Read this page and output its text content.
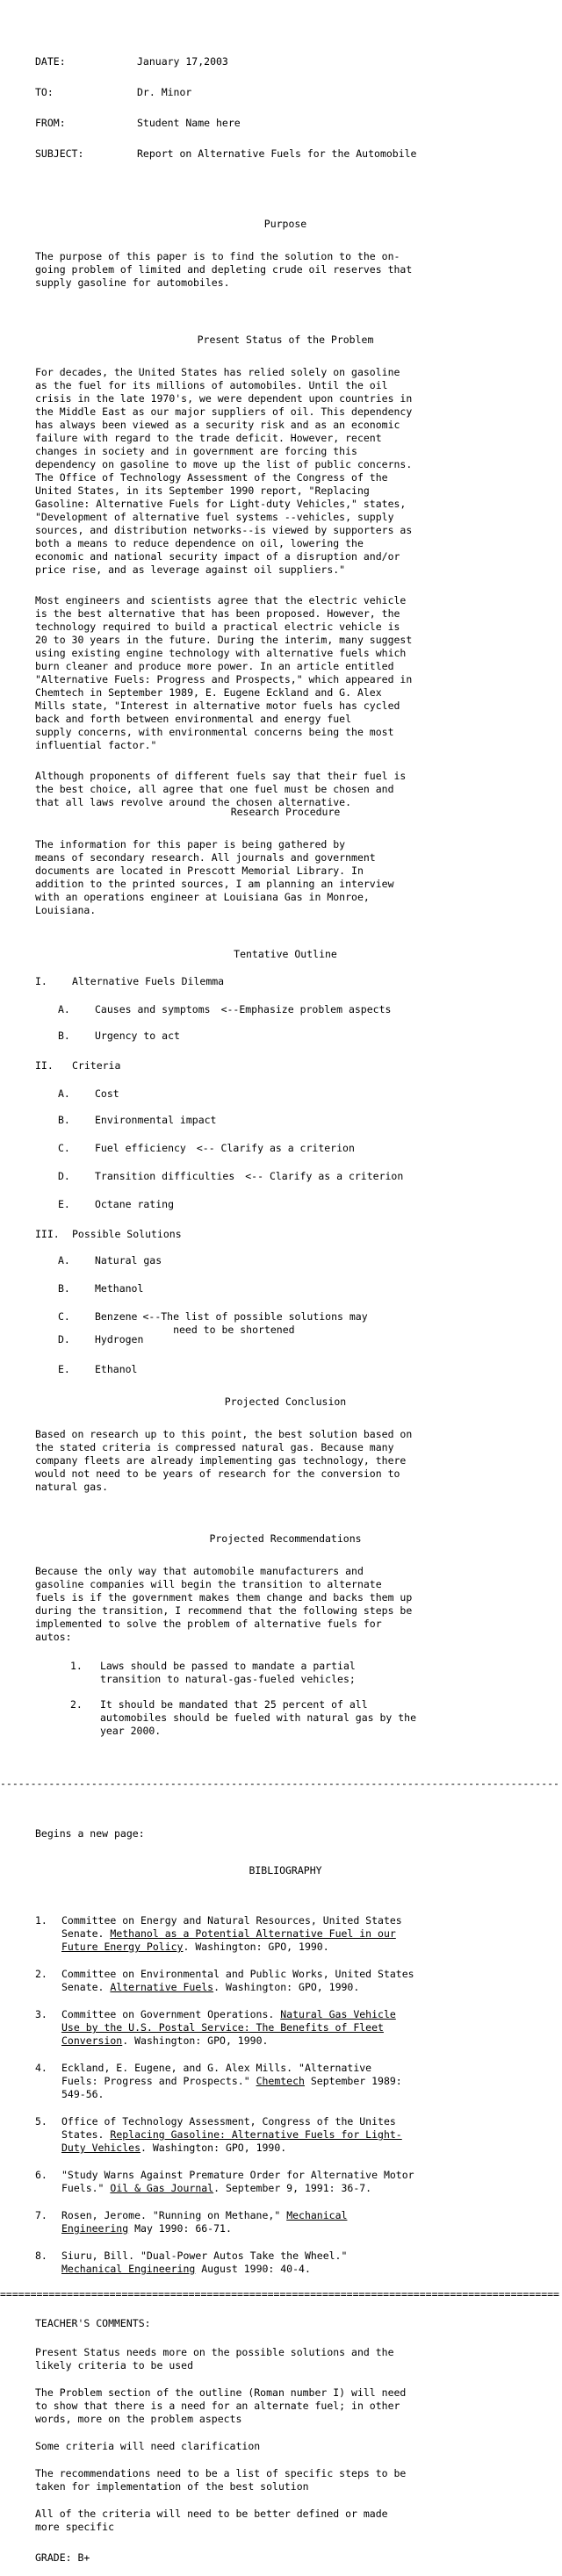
DATE:	January 17,2003
TO:	Dr. Minor
FROM:	Student Name here
SUBJECT:	Report on Alternative Fuels for the Automobile

Purpose

The purpose of this paper is to find the solution to the on-
going problem of limited and depleting crude oil reserves that
supply gasoline for automobiles.

Present Status of the Problem

For decades, the United States has relied solely on gasoline
as the fuel for its millions of automobiles. Until the oil
crisis in the late 1970's, we were dependent upon countries in
the Middle East as our major suppliers of oil. This dependency
has always been viewed as a security risk and as an economic
failure with regard to the trade deficit. However, recent
changes in society and in government are forcing this
dependency on gasoline to move up the list of public concerns.
The Office of Technology Assessment of the Congress of the
United States, in its September 1990 report, "Replacing
Gasoline: Alternative Fuels for Light-duty Vehicles," states,
"Development of alternative fuel systems --vehicles, supply
sources, and distribution networks--is viewed by supporters as
both a means to reduce dependence on oil, lowering the
economic and national security impact of a disruption and/or
price rise, and as leverage against oil suppliers."

Most engineers and scientists agree that the electric vehicle
is the best alternative that has been proposed. However, the
technology required to build a practical electric vehicle is
20 to 30 years in the future. During the interim, many suggest
using existing engine technology with alternative fuels which
burn cleaner and produce more power. In an article entitled
"Alternative Fuels: Progress and Prospects," which appeared in
Chemtech in September 1989, E. Eugene Eckland and G. Alex
Mills state, "Interest in alternative motor fuels has cycled
back and forth between environmental and energy fuel
supply concerns, with environmental concerns being the most
influential factor."

Although proponents of different fuels say that their fuel is
the best choice, all agree that one fuel must be chosen and
that all laws revolve around the chosen alternative.

Research Procedure

The information for this paper is being gathered by
means of secondary research. All journals and government
documents are located in Prescott Memorial Library. In
addition to the printed sources, I am planning an interview
with an operations engineer at Louisiana Gas in Monroe,
Louisiana.

Tentative Outline

I.	Alternative Fuels Dilemma
A.	Causes and symptoms <--Emphasize problem aspects
B.	Urgency to act
II.	Criteria
A.	Cost
B.	Environmental impact
C.	Fuel efficiency <-- Clarify as a criterion
D.	Transition difficulties <-- Clarify as a criterion
E.	Octane rating
III.	Possible Solutions
A.	Natural gas
B.	Methanol
C.	Benzene <--The list of possible solutions may
need to be shortened
D.	Hydrogen
E.	Ethanol

Projected Conclusion

Based on research up to this point, the best solution based on
the stated criteria is compressed natural gas. Because many
company fleets are already implementing gas technology, there
would not need to be years of research for the conversion to
natural gas.

Projected Recommendations

Because the only way that automobile manufacturers and
gasoline companies will begin the transition to alternate
fuels is if the government makes them change and backs them up
during the transition, I recommend that the following steps be
implemented to solve the problem of alternative fuels for
autos:

1.	Laws should be passed to mandate a partial
transition to natural-gas-fueled vehicles;
2.	It should be mandated that 25 percent of all
automobiles should be fueled with natural gas by the
year 2000.
--------------------------------------------------------------------------------------------
Begins a new page:

BIBLIOGRAPHY

1.	Committee on Energy and Natural Resources, United States
Senate. Methanol as a Potential Alternative Fuel in our
Future Energy Policy. Washington: GPO, 1990.
2.	Committee on Environmental and Public Works, United States
Senate. Alternative Fuels. Washington: GPO, 1990.
3.	Committee on Government Operations. Natural Gas Vehicle
Use by the U.S. Postal Service: The Benefits of Fleet
Conversion. Washington: GPO, 1990.
4.	Eckland, E. Eugene, and G. Alex Mills. "Alternative
Fuels: Progress and Prospects." Chemtech September 1989:
549-56.
5.	Office of Technology Assessment, Congress of the Unites
States. Replacing Gasoline: Alternative Fuels for Light-
Duty Vehicles. Washington: GPO, 1990.
6.	"Study Warns Against Premature Order for Alternative Motor
Fuels." Oil & Gas Journal. September 9, 1991: 36-7.
7.	Rosen, Jerome. "Running on Methane," Mechanical
Engineering May 1990: 66-71.
8.	Siuru, Bill. "Dual-Power Autos Take the Wheel."
Mechanical Engineering August 1990: 40-4.
============================================================================================

TEACHER'S COMMENTS:

Present Status needs more on the possible solutions and the
likely criteria to be used

The Problem section of the outline (Roman number I) will need
to show that there is a need for an alternate fuel; in other
words, more on the problem aspects

Some criteria will need clarification

The recommendations need to be a list of specific steps to be
taken for implementation of the best solution

All of the criteria will need to be better defined or made
more specific

GRADE: B+
